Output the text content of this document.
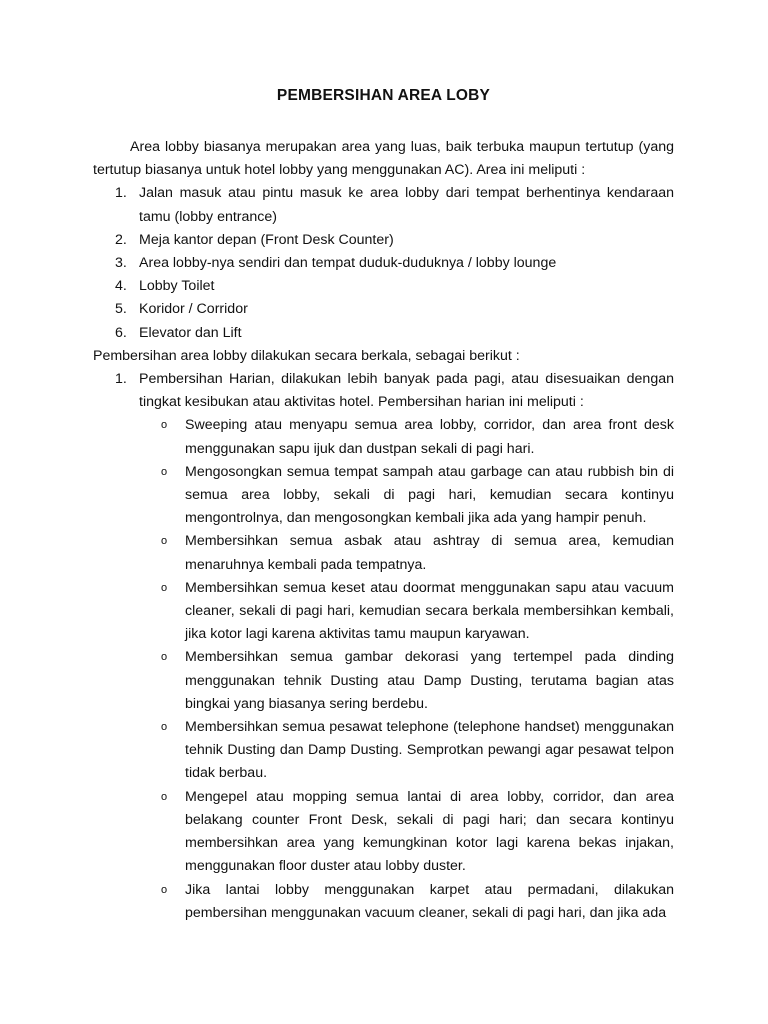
PEMBERSIHAN AREA LOBY

Area lobby biasanya merupakan area yang luas, baik terbuka maupun tertutup (yang tertutup biasanya untuk hotel lobby yang menggunakan AC). Area ini meliputi :

1. Jalan masuk atau pintu masuk ke area lobby dari tempat berhentinya kendaraan tamu (lobby entrance)
2. Meja kantor depan (Front Desk Counter)
3. Area lobby-nya sendiri dan tempat duduk-duduknya / lobby lounge
4. Lobby Toilet
5. Koridor / Corridor
6. Elevator dan Lift

Pembersihan area lobby dilakukan secara berkala, sebagai berikut :

1. Pembersihan Harian, dilakukan lebih banyak pada pagi, atau disesuaikan dengan tingkat kesibukan atau aktivitas hotel. Pembersihan harian ini meliputi :
o Sweeping atau menyapu semua area lobby, corridor, dan area front desk menggunakan sapu ijuk dan dustpan sekali di pagi hari.
o Mengosongkan semua tempat sampah atau garbage can atau rubbish bin di semua area lobby, sekali di pagi hari, kemudian secara kontinyu mengontrolnya, dan mengosongkan kembali jika ada yang hampir penuh.
o Membersihkan semua asbak atau ashtray di semua area, kemudian menaruhnya kembali pada tempatnya.
o Membersihkan semua keset atau doormat menggunakan sapu atau vacuum cleaner, sekali di pagi hari, kemudian secara berkala membersihkan kembali, jika kotor lagi karena aktivitas tamu maupun karyawan.
o Membersihkan semua gambar dekorasi yang tertempel pada dinding menggunakan tehnik Dusting atau Damp Dusting, terutama bagian atas bingkai yang biasanya sering berdebu.
o Membersihkan semua pesawat telephone (telephone handset) menggunakan tehnik Dusting dan Damp Dusting. Semprotkan pewangi agar pesawat telpon tidak berbau.
o Mengepel atau mopping semua lantai di area lobby, corridor, dan area belakang counter Front Desk, sekali di pagi hari; dan secara kontinyu membersihkan area yang kemungkinan kotor lagi karena bekas injakan, menggunakan floor duster atau lobby duster.
o Jika lantai lobby menggunakan karpet atau permadani, dilakukan pembersihan menggunakan vacuum cleaner, sekali di pagi hari, dan jika ada
